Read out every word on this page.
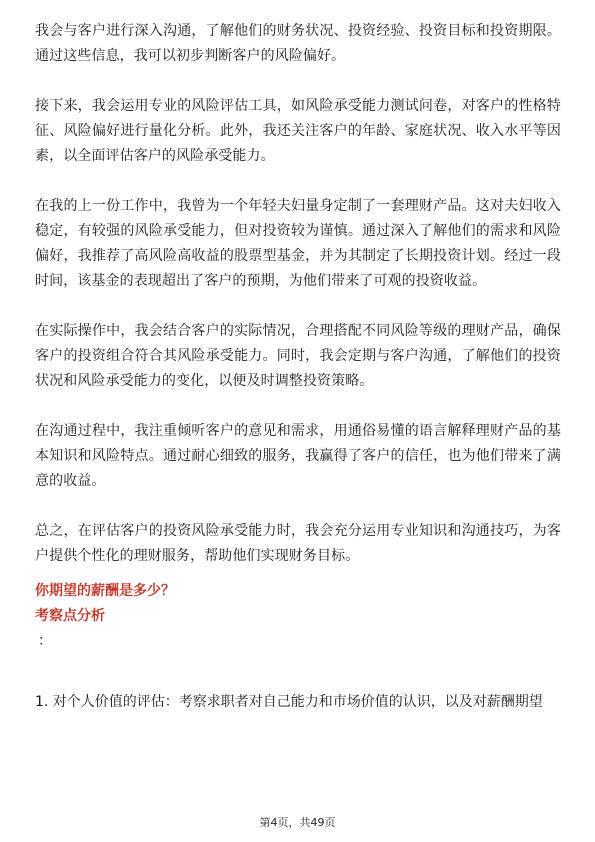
我会与客户进行深入沟通，了解他们的财务状况、投资经验、投资目标和投资期限。通过这些信息，我可以初步判断客户的风险偏好。

接下来，我会运用专业的风险评估工具，如风险承受能力测试问卷，对客户的性格特征、风险偏好进行量化分析。此外，我还关注客户的年龄、家庭状况、收入水平等因素，以全面评估客户的风险承受能力。

在我的上一份工作中，我曾为一个年轻夫妇量身定制了一套理财产品。这对夫妇收入稳定，有较强的风险承受能力，但对投资较为谨慎。通过深入了解他们的需求和风险偏好，我推荐了高风险高收益的股票型基金，并为其制定了长期投资计划。经过一段时间，该基金的表现超出了客户的预期，为他们带来了可观的投资收益。

在实际操作中，我会结合客户的实际情况，合理搭配不同风险等级的理财产品，确保客户的投资组合符合其风险承受能力。同时，我会定期与客户沟通，了解他们的投资状况和风险承受能力的变化，以便及时调整投资策略。

在沟通过程中，我注重倾听客户的意见和需求，用通俗易懂的语言解释理财产品的基本知识和风险特点。通过耐心细致的服务，我赢得了客户的信任，也为他们带来了满意的收益。

总之，在评估客户的投资风险承受能力时，我会充分运用专业知识和沟通技巧，为客户提供个性化的理财服务，帮助他们实现财务目标。

你期望的薪酬是多少？

考察点分析

：

1. 对个人价值的评估：考察求职者对自己能力和市场价值的认识，以及对薪酬期望

第4页，共49页
